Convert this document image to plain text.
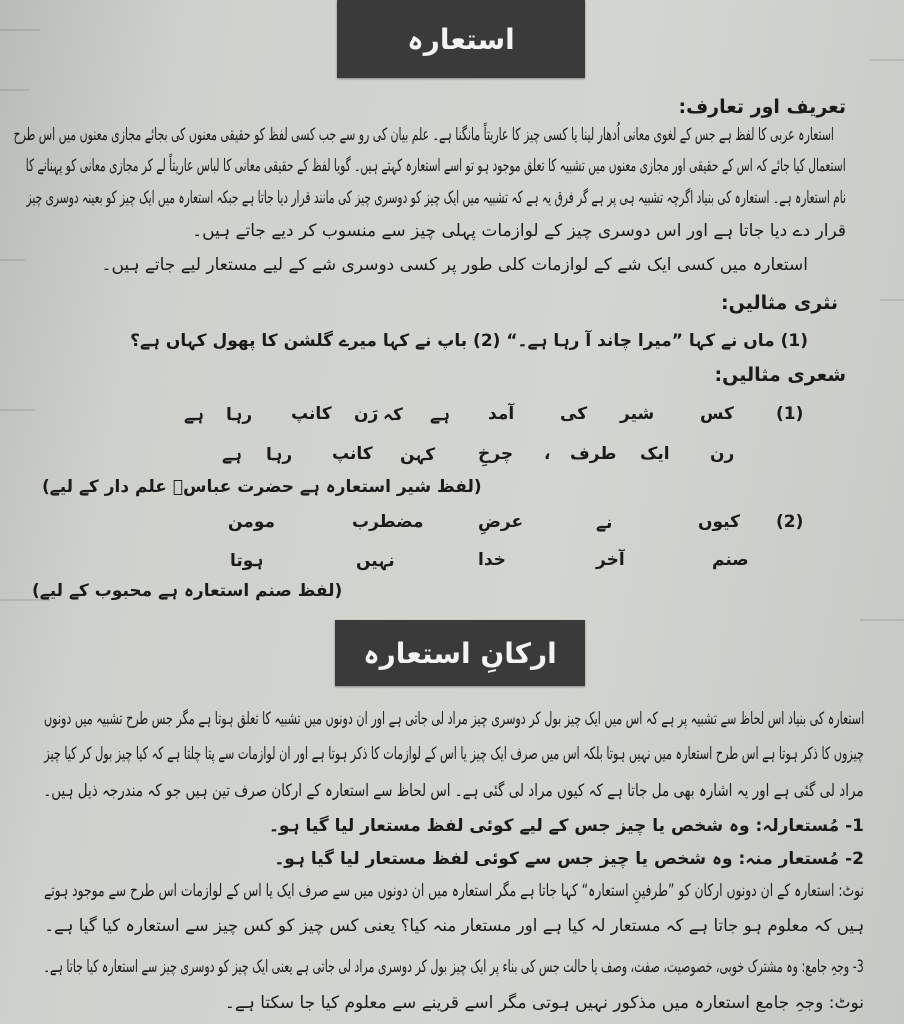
استعارہ
تعریف اور تعارف:
استعارہ عربی کا لفظ ہے جس کے لغوی معانی اُدھار لینا یا کسی چیز کا عاریتاً مانگنا ہے۔ علم بیان کی رو سے جب کسی لفظ کو حقیقی معنوں کی بجائے مجازی معنوں میں اس طرح
استعمال کیا جائے کہ اس کے حقیقی اور مجازی معنوں میں تشبیہ کا تعلق موجود ہو تو اسے استعارہ کہتے ہیں۔ گویا لفظ کے حقیقی معانی کا لباس عاریتاً لے کر مجازی معانی کو پہنانے کا
نام استعارہ ہے۔ استعارہ کی بنیاد اگرچہ تشبیہ ہی پر ہے گر فرق یہ ہے کہ تشبیہ میں ایک چیز کو دوسری چیز کی مانند قرار دیا جاتا ہے جبکہ استعارہ میں ایک چیز کو بعینہ دوسری چیز
قرار دے دیا جاتا ہے اور اس دوسری چیز کے لوازمات پہلی چیز سے منسوب کر دیے جاتے ہیں۔
استعارہ میں کسی ایک شے کے لوازمات کلی طور پر کسی دوسری شے کے لیے مستعار لیے جاتے ہیں۔
نثری مثالیں:
(1) ماں نے کہا ”میرا چاند آ رہا ہے۔“ (2) باپ نے کہا میرے گلشن کا پھول کہاں ہے؟
شعری مثالیں:
(1)
کس
شیر
کی
آمد
ہے
کہ
رَن
کانپ
رہا
ہے
رن
ایک
طرف
،
چرخِ
کہن
کانپ
رہا
ہے
(لفظ شیر استعارہ ہے حضرت عباسؓ علم دار کے لیے)
(2)
کیوں
نے
عرضِ
مضطرب
مومن
صنم
آخر
خدا
نہیں
ہوتا
(لفظ صنم استعارہ ہے محبوب کے لیے)
ارکانِ استعارہ
استعارہ کی بنیاد اس لحاظ سے تشبیہ پر ہے کہ اس میں ایک چیز بول کر دوسری چیز مراد لی جاتی ہے اور ان دونوں میں تشبیہ کا تعلق ہوتا ہے مگر جس طرح تشبیہ میں دونوں
چیزوں کا ذکر ہوتا ہے اس طرح استعارہ میں نہیں ہوتا بلکہ اس میں صرف ایک چیز یا اس کے لوازمات کا ذکر ہوتا ہے اور ان لوازمات سے پتا چلتا ہے کہ کیا چیز بول کر کیا چیز
مراد لی گئی ہے اور یہ اشارہ بھی مل جاتا ہے کہ کیوں مراد لی گئی ہے۔ اس لحاظ سے استعارہ کے ارکان صرف تین ہیں جو کہ مندرجہ ذیل ہیں۔
1- مُستعارلہ: وہ شخص یا چیز جس کے لیے کوئی لفظ مستعار لیا گیا ہو۔
2- مُستعار منہ: وہ شخص یا چیز جس سے کوئی لفظ مستعار لیا گیا ہو۔
نوٹ: استعارہ کے ان دونوں ارکان کو ”طرفینِ استعارہ“ کہا جاتا ہے مگر استعارہ میں ان دونوں میں سے صرف ایک یا اس کے لوازمات اس طرح سے موجود ہوتے
ہیں کہ معلوم ہو جاتا ہے کہ مستعار لہ کیا ہے اور مستعار منہ کیا؟ یعنی کس چیز کو کس چیز سے استعارہ کیا گیا ہے۔
3- وجہِ جامع: وہ مشترک خوبی، خصوصیت، صفت، وصف یا حالت جس کی بناء پر ایک چیز بول کر دوسری مراد لی جاتی ہے یعنی ایک چیز کو دوسری چیز سے استعارہ کیا جاتا ہے۔
نوٹ: وجہِ جامع استعارہ میں مذکور نہیں ہوتی مگر اسے قرینے سے معلوم کیا جا سکتا ہے۔
